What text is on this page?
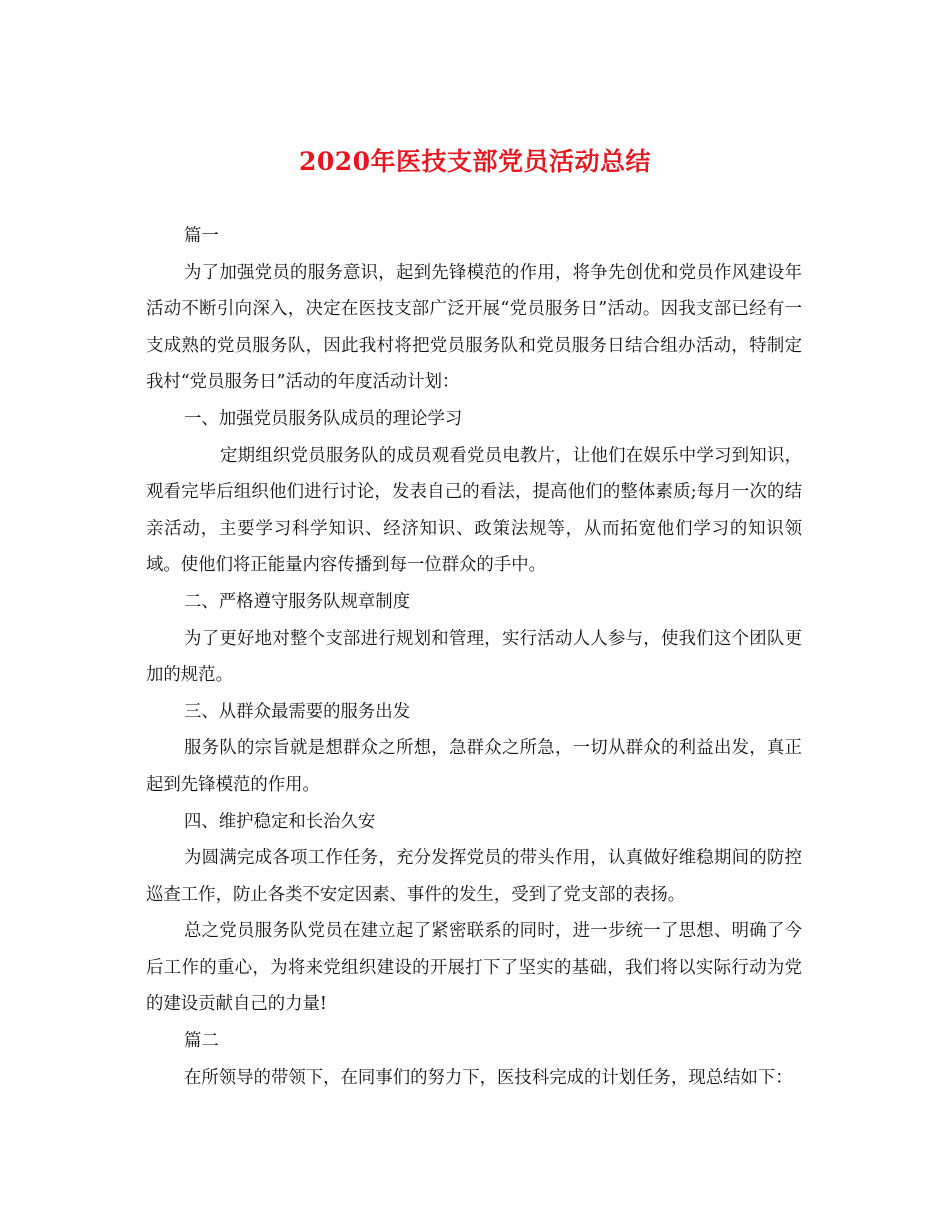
2020年医技支部党员活动总结

篇一

为了加强党员的服务意识，起到先锋模范的作用，将争先创优和党员作风建设年活动不断引向深入，决定在医技支部广泛开展“党员服务日”活动。因我支部已经有一支成熟的党员服务队，因此我村将把党员服务队和党员服务日结合组办活动，特制定我村“党员服务日”活动的年度活动计划：

一、加强党员服务队成员的理论学习

定期组织党员服务队的成员观看党员电教片，让他们在娱乐中学习到知识，观看完毕后组织他们进行讨论，发表自己的看法，提高他们的整体素质;每月一次的结亲活动，主要学习科学知识、经济知识、政策法规等，从而拓宽他们学习的知识领域。使他们将正能量内容传播到每一位群众的手中。

二、严格遵守服务队规章制度

为了更好地对整个支部进行规划和管理，实行活动人人参与，使我们这个团队更加的规范。

三、从群众最需要的服务出发

服务队的宗旨就是想群众之所想，急群众之所急，一切从群众的利益出发，真正起到先锋模范的作用。

四、维护稳定和长治久安

为圆满完成各项工作任务，充分发挥党员的带头作用，认真做好维稳期间的防控巡查工作，防止各类不安定因素、事件的发生，受到了党支部的表扬。

总之党员服务队党员在建立起了紧密联系的同时，进一步统一了思想、明确了今后工作的重心，为将来党组织建设的开展打下了坚实的基础，我们将以实际行动为党的建设贡献自己的力量!

篇二

在所领导的带领下，在同事们的努力下，医技科完成的计划任务，现总结如下：
